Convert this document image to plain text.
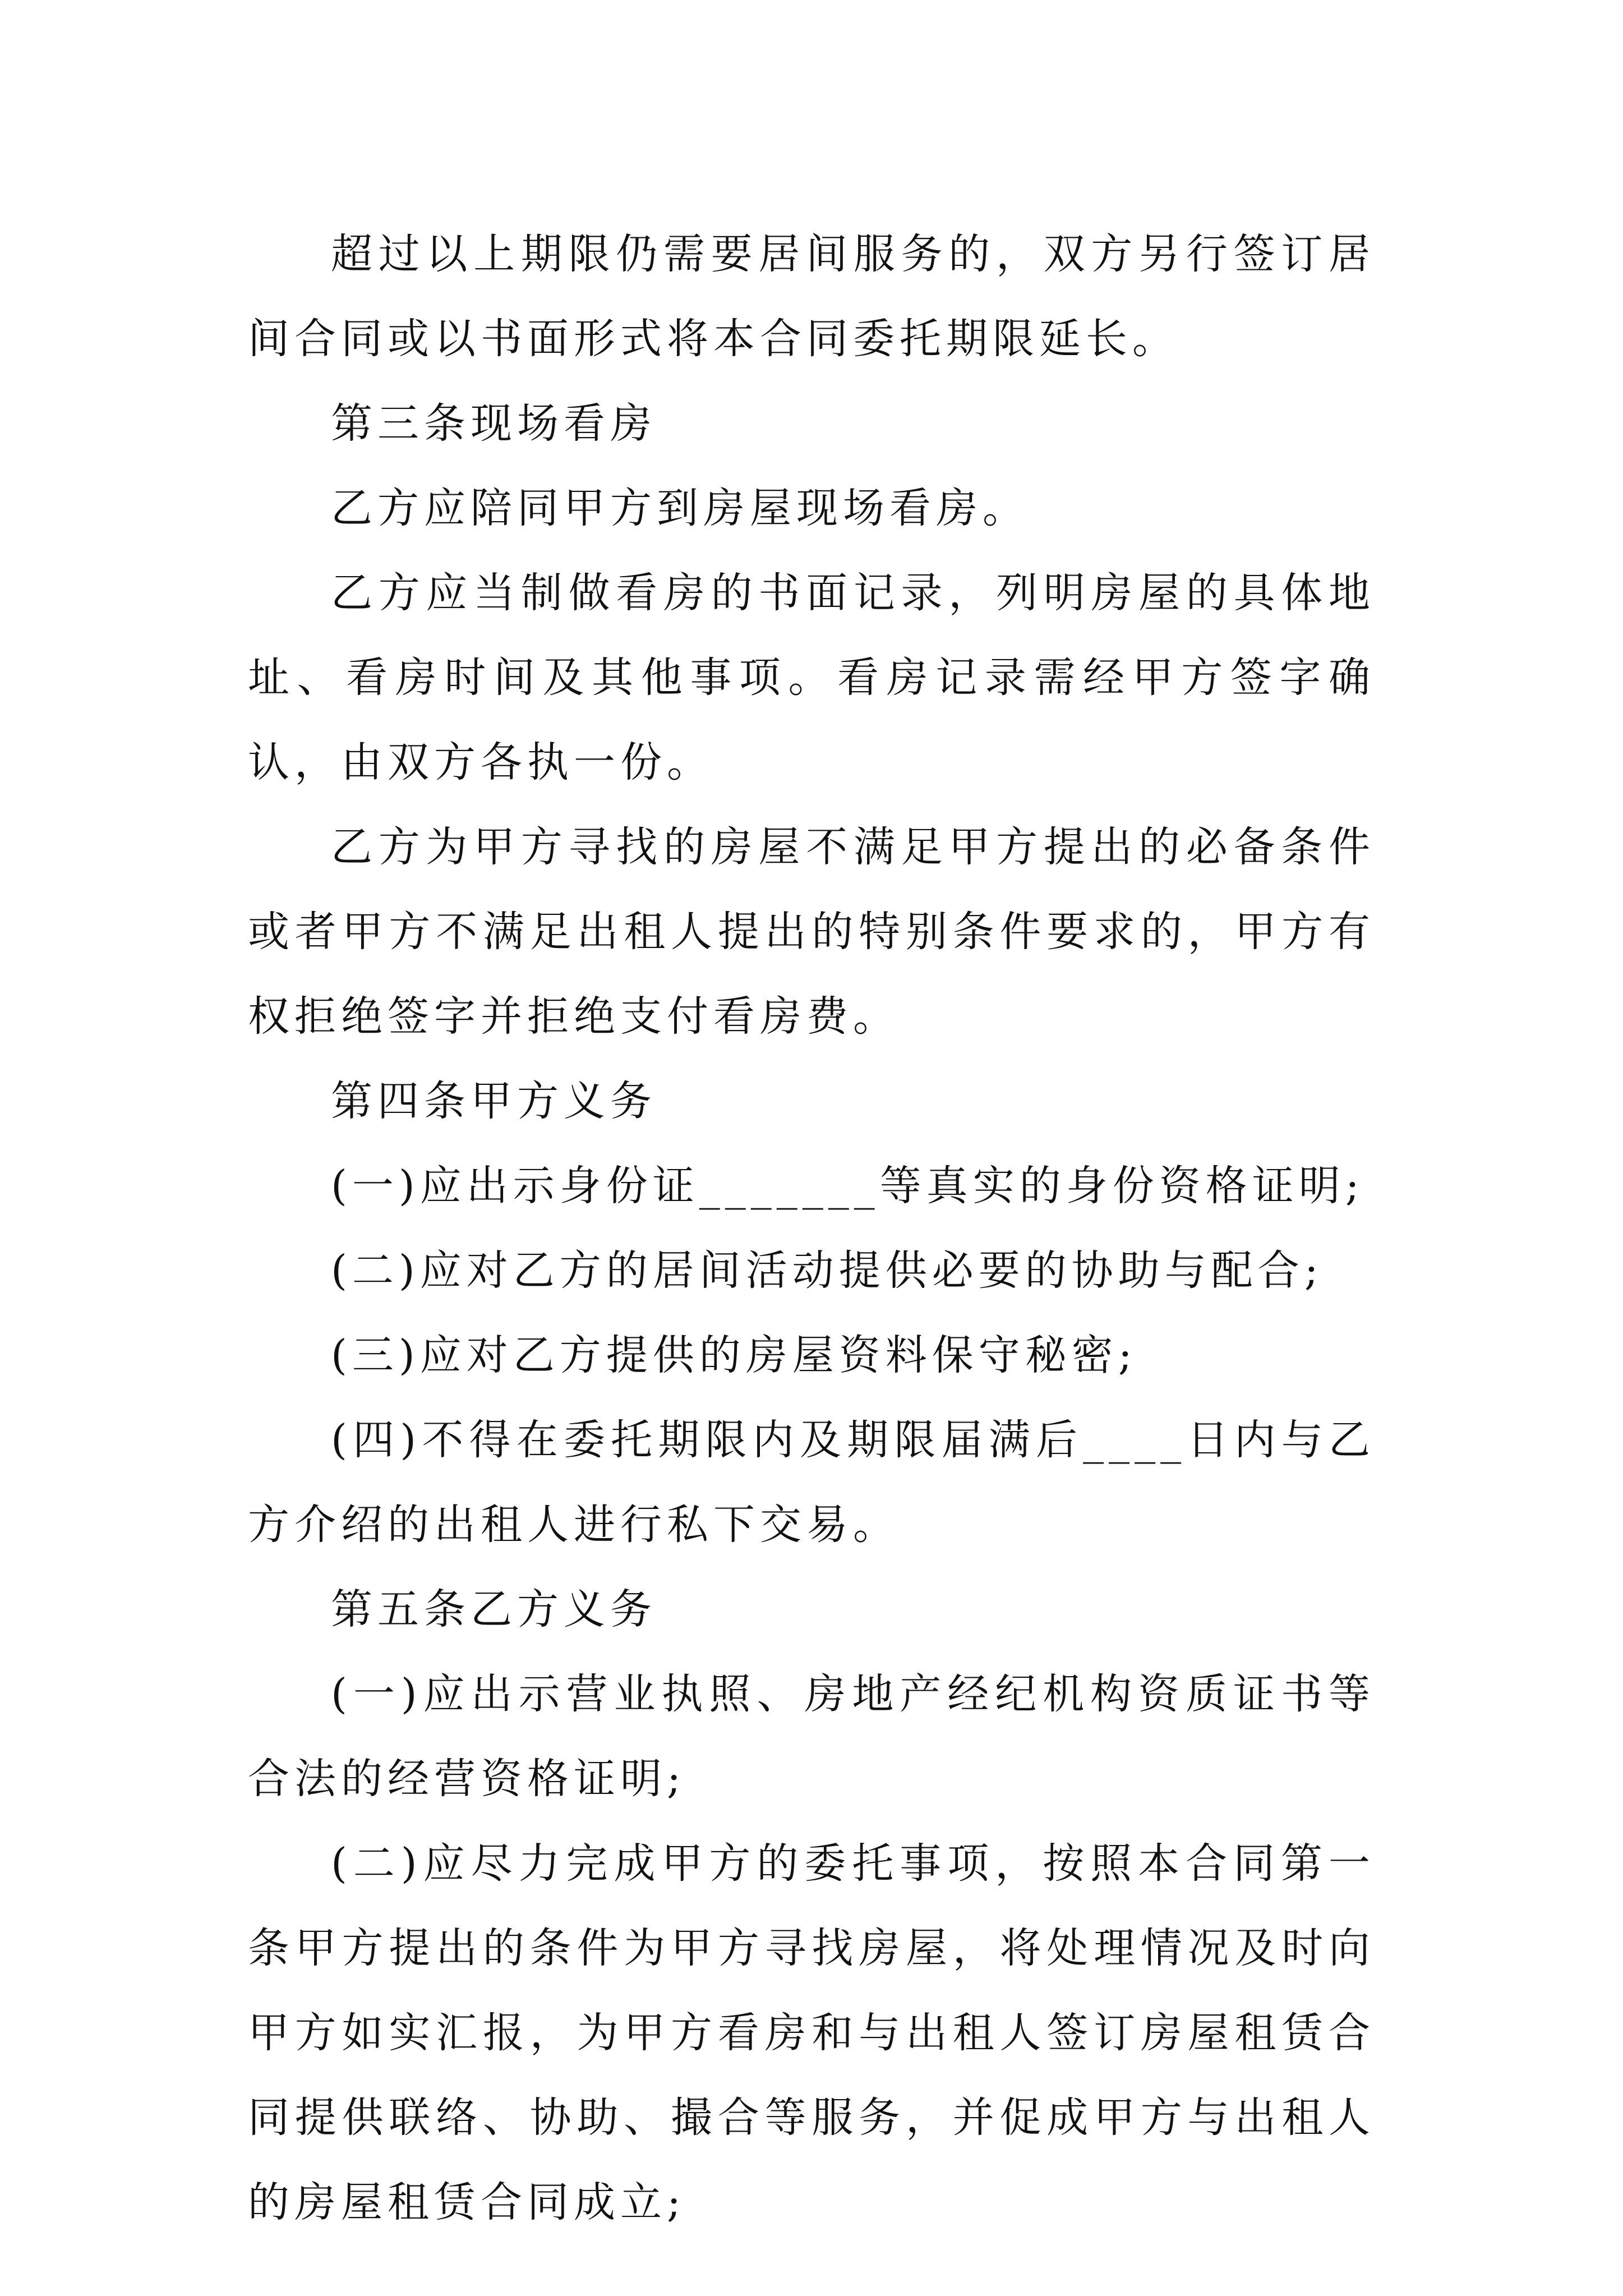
超过以上期限仍需要居间服务的，双方另行签订居间合同或以书面形式将本合同委托期限延长。

第三条现场看房

乙方应陪同甲方到房屋现场看房。

乙方应当制做看房的书面记录，列明房屋的具体地址、看房时间及其他事项。看房记录需经甲方签字确认，由双方各执一份。

乙方为甲方寻找的房屋不满足甲方提出的必备条件或者甲方不满足出租人提出的特别条件要求的，甲方有权拒绝签字并拒绝支付看房费。

第四条甲方义务

(一)应出示身份证_______等真实的身份资格证明;

(二)应对乙方的居间活动提供必要的协助与配合;

(三)应对乙方提供的房屋资料保守秘密;

(四)不得在委托期限内及期限届满后____日内与乙方介绍的出租人进行私下交易。

第五条乙方义务

(一)应出示营业执照、房地产经纪机构资质证书等合法的经营资格证明;

(二)应尽力完成甲方的委托事项，按照本合同第一条甲方提出的条件为甲方寻找房屋，将处理情况及时向甲方如实汇报，为甲方看房和与出租人签订房屋租赁合同提供联络、协助、撮合等服务，并促成甲方与出租人的房屋租赁合同成立;
